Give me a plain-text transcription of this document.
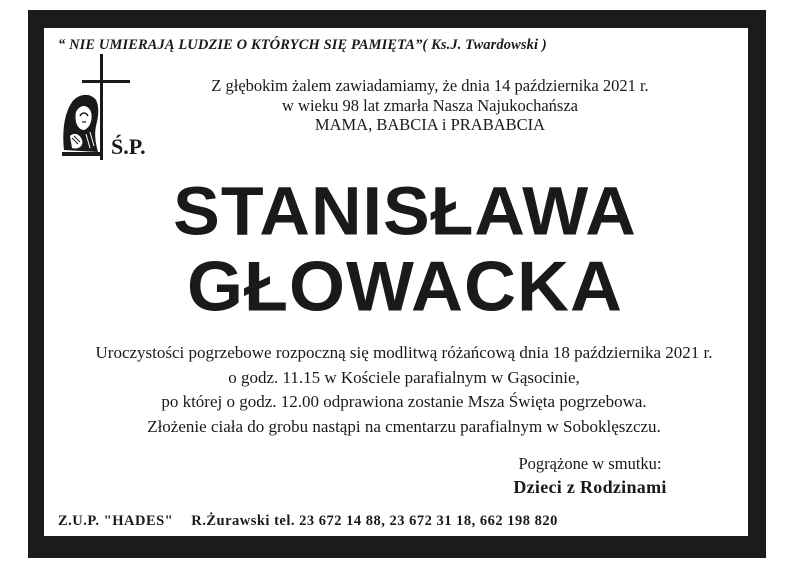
“ NIE UMIERAJĄ LUDZIE O KTÓRYCH SIĘ PAMIĘTA”( Ks.J. Twardowski )
Ś.P.
Z głębokim żalem zawiadamiamy, że dnia 14 października 2021 r.
w wieku 98 lat zmarła Nasza Najukochańsza
MAMA, BABCIA i PRABABCIA
STANISŁAWA
GŁOWACKA
Uroczystości pogrzebowe rozpoczną się modlitwą różańcową dnia 18 października 2021 r.
o godz. 11.15 w Kościele parafialnym w Gąsocinie,
po której o godz. 12.00 odprawiona zostanie Msza Święta pogrzebowa.
Złożenie ciała do grobu nastąpi na cmentarzu parafialnym w Soboklęszczu.
Pogrążone w smutku:
Dzieci z Rodzinami
Z.U.P. "HADES" R.Żurawski tel. 23 672 14 88, 23 672 31 18, 662 198 820
